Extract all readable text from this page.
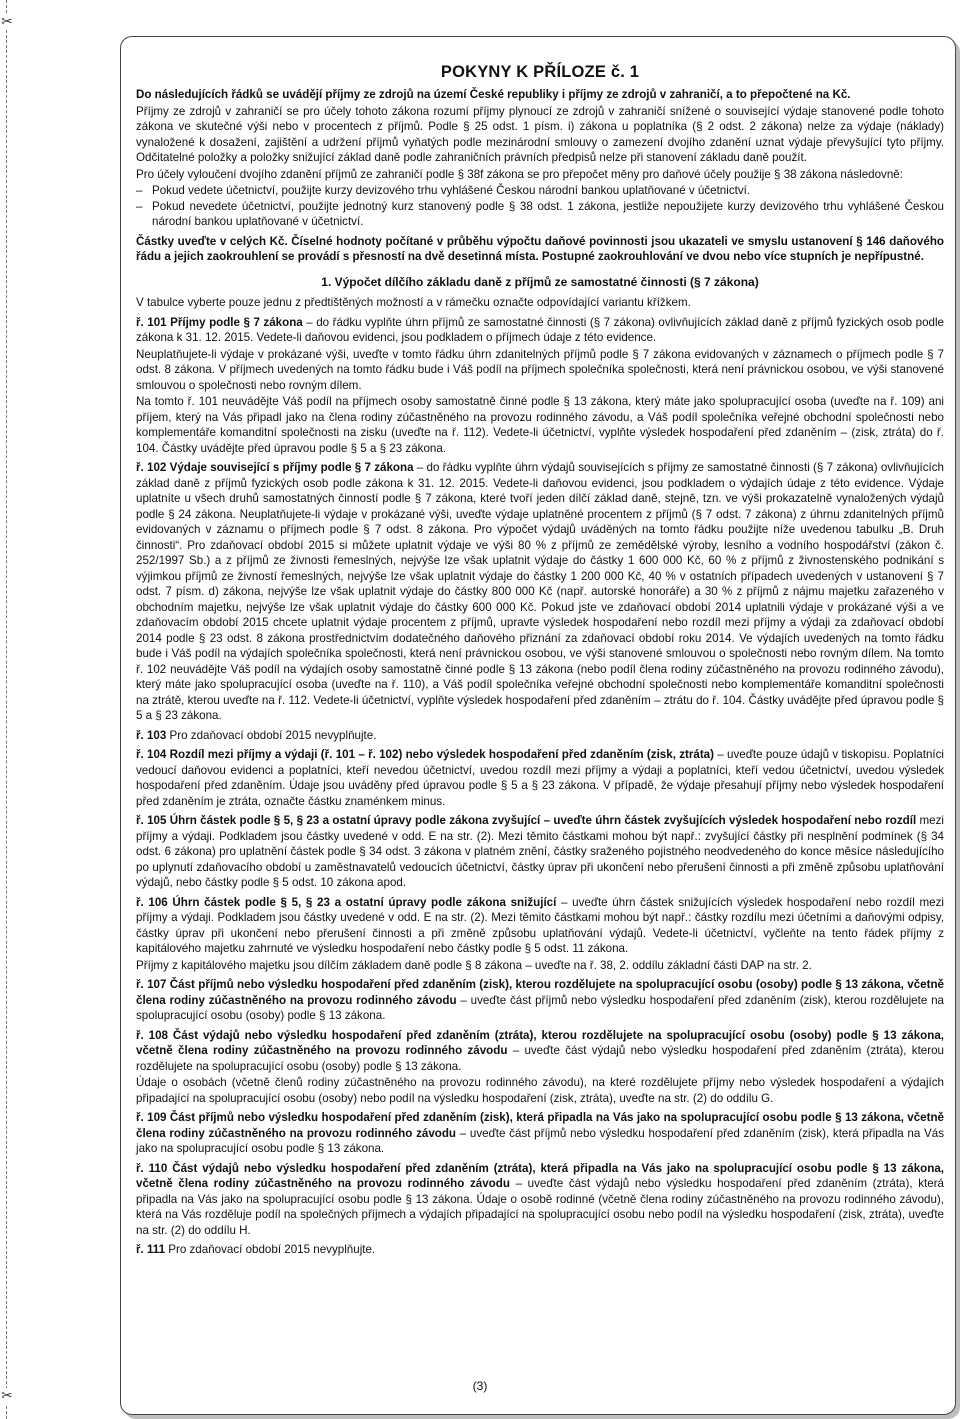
✂
✂
POKYNY K PŘÍLOZE č. 1

Do následujících řádků se uvádějí příjmy ze zdrojů na území České republiky i příjmy ze zdrojů v zahraničí, a to přepočtené na Kč.

Příjmy ze zdrojů v zahraničí se pro účely tohoto zákona rozumí příjmy plynoucí ze zdrojů v zahraničí snížené o související výdaje stanovené podle tohoto zákona ve skutečné výši nebo v procentech z příjmů. Podle § 25 odst. 1 písm. i) zákona u poplatníka (§ 2 odst. 2 zákona) nelze za výdaje (náklady) vynaložené k dosažení, zajištění a udržení příjmů vyňatých podle mezinárodní smlouvy o zamezení dvojího zdanění uznat výdaje převyšující tyto příjmy. Odčitatelné položky a položky snižující základ daně podle zahraničních právních předpisů nelze při stanovení základu daně použít.

Pro účely vyloučení dvojího zdanění příjmů ze zahraničí podle § 38f zákona se pro přepočet měny pro daňové účely použije § 38 zákona následovně:

– Pokud vedete účetnictví, použijte kurzy devizového trhu vyhlášené Českou národní bankou uplatňované v účetnictví.
– Pokud nevedete účetnictví, použijte jednotný kurz stanovený podle § 38 odst. 1 zákona, jestliže nepoužijete kurzy devizového trhu vyhlášené Českou národní bankou uplatňované v účetnictví.

Částky uveďte v celých Kč. Číselné hodnoty počítané v průběhu výpočtu daňové povinnosti jsou ukazateli ve smyslu ustanovení § 146 daňového řádu a jejich zaokrouhlení se provádí s přesností na dvě desetinná místa. Postupné zaokrouhlování ve dvou nebo více stupních je nepřípustné.

1. Výpočet dílčího základu daně z příjmů ze samostatné činnosti (§ 7 zákona)

V tabulce vyberte pouze jednu z předtištěných možností a v rámečku označte odpovídající variantu křížkem.

ř. 101 Příjmy podle § 7 zákona – do řádku vyplňte úhrn příjmů ze samostatné činnosti (§ 7 zákona) ovlivňujících základ daně z příjmů fyzických osob podle zákona k 31. 12. 2015. Vedete-li daňovou evidenci, jsou podkladem o příjmech údaje z této evidence.

Neuplatňujete-li výdaje v prokázané výši, uveďte v tomto řádku úhrn zdanitelných příjmů podle § 7 zákona evidovaných v záznamech o příjmech podle § 7 odst. 8 zákona. V příjmech uvedených na tomto řádku bude i Váš podíl na příjmech společníka společnosti, která není právnickou osobou, ve výši stanovené smlouvou o společnosti nebo rovným dílem.

Na tomto ř. 101 neuvádějte Váš podíl na příjmech osoby samostatně činné podle § 13 zákona, který máte jako spolupracující osoba (uveďte na ř. 109) ani příjem, který na Vás připadl jako na člena rodiny zúčastněného na provozu rodinného závodu, a Váš podíl společníka veřejné obchodní společnosti nebo komplementáře komanditní společnosti na zisku (uveďte na ř. 112). Vedete-li účetnictví, vyplňte výsledek hospodaření před zdaněním – (zisk, ztráta) do ř. 104. Částky uvádějte před úpravou podle § 5 a § 23 zákona.

ř. 102 Výdaje související s příjmy podle § 7 zákona – do řádku vyplňte úhrn výdajů souvisejících s příjmy ze samostatné činnosti (§ 7 zákona) ovlivňujících základ daně z příjmů fyzických osob podle zákona k 31. 12. 2015. Vedete-li daňovou evidenci, jsou podkladem o výdajích údaje z této evidence. Výdaje uplatníte u všech druhů samostatných činností podle § 7 zákona, které tvoří jeden dílčí základ daně, stejně, tzn. ve výši prokazatelně vynaložených výdajů podle § 24 zákona. Neuplatňujete-li výdaje v prokázané výši, uveďte výdaje uplatněné procentem z příjmů (§ 7 odst. 7 zákona) z úhrnu zdanitelných příjmů evidovaných v záznamu o příjmech podle § 7 odst. 8 zákona. Pro výpočet výdajů uváděných na tomto řádku použijte níže uvedenou tabulku „B. Druh činnosti“. Pro zdaňovací období 2015 si můžete uplatnit výdaje ve výši 80 % z příjmů ze zemědělské výroby, lesního a vodního hospodářství (zákon č. 252/1997 Sb.) a z příjmů ze živnosti řemeslných, nejvýše lze však uplatnit výdaje do částky 1 600 000 Kč, 60 % z příjmů z živnostenského podnikání s výjimkou příjmů ze živností řemeslných, nejvýše lze však uplatnit výdaje do částky 1 200 000 Kč, 40 % v ostatních případech uvedených v ustanovení § 7 odst. 7 písm. d) zákona, nejvýše lze však uplatnit výdaje do částky 800 000 Kč (např. autorské honoráře) a 30 % z příjmů z nájmu majetku zařazeného v obchodním majetku, nejvýše lze však uplatnit výdaje do částky 600 000 Kč. Pokud jste ve zdaňovací období 2014 uplatnili výdaje v prokázané výši a ve zdaňovacím období 2015 chcete uplatnit výdaje procentem z příjmů, upravte výsledek hospodaření nebo rozdíl mezi příjmy a výdaji za zdaňovací období 2014 podle § 23 odst. 8 zákona prostřednictvím dodatečného daňového přiznání za zdaňovací období roku 2014. Ve výdajích uvedených na tomto řádku bude i Váš podíl na výdajích společníka společnosti, která není právnickou osobou, ve výši stanovené smlouvou o společnosti nebo rovným dílem. Na tomto ř. 102 neuvádějte Váš podíl na výdajích osoby samostatně činné podle § 13 zákona (nebo podíl člena rodiny zúčastněného na provozu rodinného závodu), který máte jako spolupracující osoba (uveďte na ř. 110), a Váš podíl společníka veřejné obchodní společnosti nebo komplementáře komanditní společnosti na ztrátě, kterou uveďte na ř. 112. Vedete-li účetnictví, vyplňte výsledek hospodaření před zdaněním – ztrátu do ř. 104. Částky uvádějte před úpravou podle § 5 a § 23 zákona.

ř. 103 Pro zdaňovací období 2015 nevyplňujte.

ř. 104 Rozdíl mezi příjmy a výdaji (ř. 101 – ř. 102) nebo výsledek hospodaření před zdaněním (zisk, ztráta) – uveďte pouze údajů v tiskopisu. Poplatníci vedoucí daňovou evidenci a poplatníci, kteří nevedou účetnictví, uvedou rozdíl mezi příjmy a výdaji a poplatníci, kteří vedou účetnictví, uvedou výsledek hospodaření před zdaněním. Údaje jsou uváděny před úpravou podle § 5 a § 23 zákona. V případě, že výdaje přesahují příjmy nebo výsledek hospodaření před zdaněním je ztráta, označte částku znaménkem minus.

ř. 105 Úhrn částek podle § 5, § 23 a ostatní úpravy podle zákona zvyšující – uveďte úhrn částek zvyšujících výsledek hospodaření nebo rozdíl mezi příjmy a výdaji. Podkladem jsou částky uvedené v odd. E na str. (2). Mezi těmito částkami mohou být např.: zvyšující částky při nesplnění podmínek (§ 34 odst. 6 zákona) pro uplatnění částek podle § 34 odst. 3 zákona v platném znění, částky sraženého pojistného neodvedeného do konce měsíce následujícího po uplynutí zdaňovacího období u zaměstnavatelů vedoucích účetnictví, částky úprav při ukončení nebo přerušení činnosti a při změně způsobu uplatňování výdajů, nebo částky podle § 5 odst. 10 zákona apod.

ř. 106 Úhrn částek podle § 5, § 23 a ostatní úpravy podle zákona snižující – uveďte úhrn částek snižujících výsledek hospodaření nebo rozdíl mezi příjmy a výdaji. Podkladem jsou částky uvedené v odd. E na str. (2). Mezi těmito částkami mohou být např.: částky rozdílu mezi účetními a daňovými odpisy, částky úprav při ukončení nebo přerušení činnosti a při změně způsobu uplatňování výdajů. Vedete-li účetnictví, vyčleňte na tento řádek příjmy z kapitálového majetku zahrnuté ve výsledku hospodaření nebo částky podle § 5 odst. 11 zákona.

Příjmy z kapitálového majetku jsou dílčím základem daně podle § 8 zákona – uveďte na ř. 38, 2. oddílu základní části DAP na str. 2.

ř. 107 Část příjmů nebo výsledku hospodaření před zdaněním (zisk), kterou rozdělujete na spolupracující osobu (osoby) podle § 13 zákona, včetně člena rodiny zúčastněného na provozu rodinného závodu – uveďte část příjmů nebo výsledku hospodaření před zdaněním (zisk), kterou rozdělujete na spolupracující osobu (osoby) podle § 13 zákona.

ř. 108 Část výdajů nebo výsledku hospodaření před zdaněním (ztráta), kterou rozdělujete na spolupracující osobu (osoby) podle § 13 zákona, včetně člena rodiny zúčastněného na provozu rodinného závodu – uveďte část výdajů nebo výsledku hospodaření před zdaněním (ztráta), kterou rozdělujete na spolupracující osobu (osoby) podle § 13 zákona.

Údaje o osobách (včetně členů rodiny zúčastněného na provozu rodinného závodu), na které rozdělujete příjmy nebo výsledek hospodaření a výdajích připadající na spolupracující osobu (osoby) nebo podíl na výsledku hospodaření (zisk, ztráta), uveďte na str. (2) do oddílu G.

ř. 109 Část příjmů nebo výsledku hospodaření před zdaněním (zisk), která připadla na Vás jako na spolupracující osobu podle § 13 zákona, včetně člena rodiny zúčastněného na provozu rodinného závodu – uveďte část příjmů nebo výsledku hospodaření před zdaněním (zisk), která připadla na Vás jako na spolupracující osobu podle § 13 zákona.

ř. 110 Část výdajů nebo výsledku hospodaření před zdaněním (ztráta), která připadla na Vás jako na spolupracující osobu podle § 13 zákona, včetně člena rodiny zúčastněného na provozu rodinného závodu – uveďte část výdajů nebo výsledku hospodaření před zdaněním (ztráta), která připadla na Vás jako na spolupracující osobu podle § 13 zákona. Údaje o osobě rodinné (včetně člena rodiny zúčastněného na provozu rodinného závodu), která na Vás rozděluje podíl na společných příjmech a výdajích připadající na spolupracující osobu nebo podíl na výsledku hospodaření (zisk, ztráta), uveďte na str. (2) do oddílu H.

ř. 111 Pro zdaňovací období 2015 nevyplňujte.

(3)
